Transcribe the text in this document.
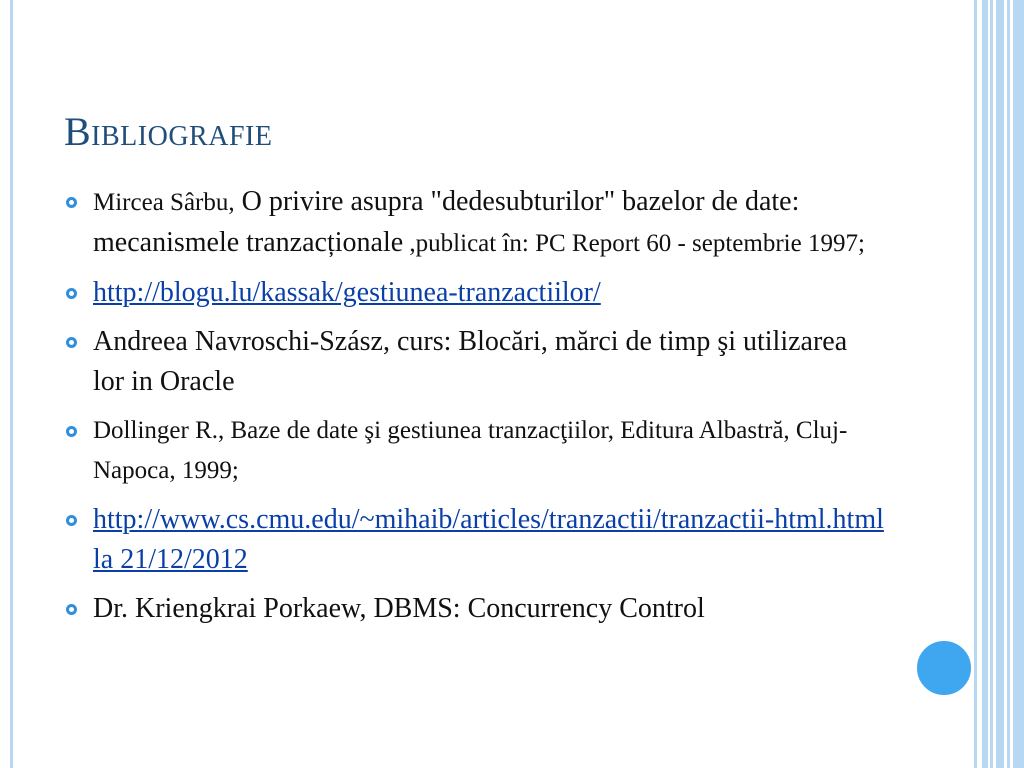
Bibliografie
Mircea Sârbu, O privire asupra "dedesubturilor" bazelor de date: mecanismele tranzacționale ,publicat în: PC Report 60 - septembrie 1997;
http://blogu.lu/kassak/gestiunea-tranzactiilor/
Andreea Navroschi-Szász, curs: Blocări, mărci de timp şi utilizarea lor in Oracle
Dollinger R., Baze de date şi gestiunea tranzacţiilor, Editura Albastră, Cluj-Napoca, 1999;
http://www.cs.cmu.edu/~mihaib/articles/tranzactii/tranzactii-html.html la 21/12/2012
Dr. Kriengkrai Porkaew, DBMS: Concurrency Control
